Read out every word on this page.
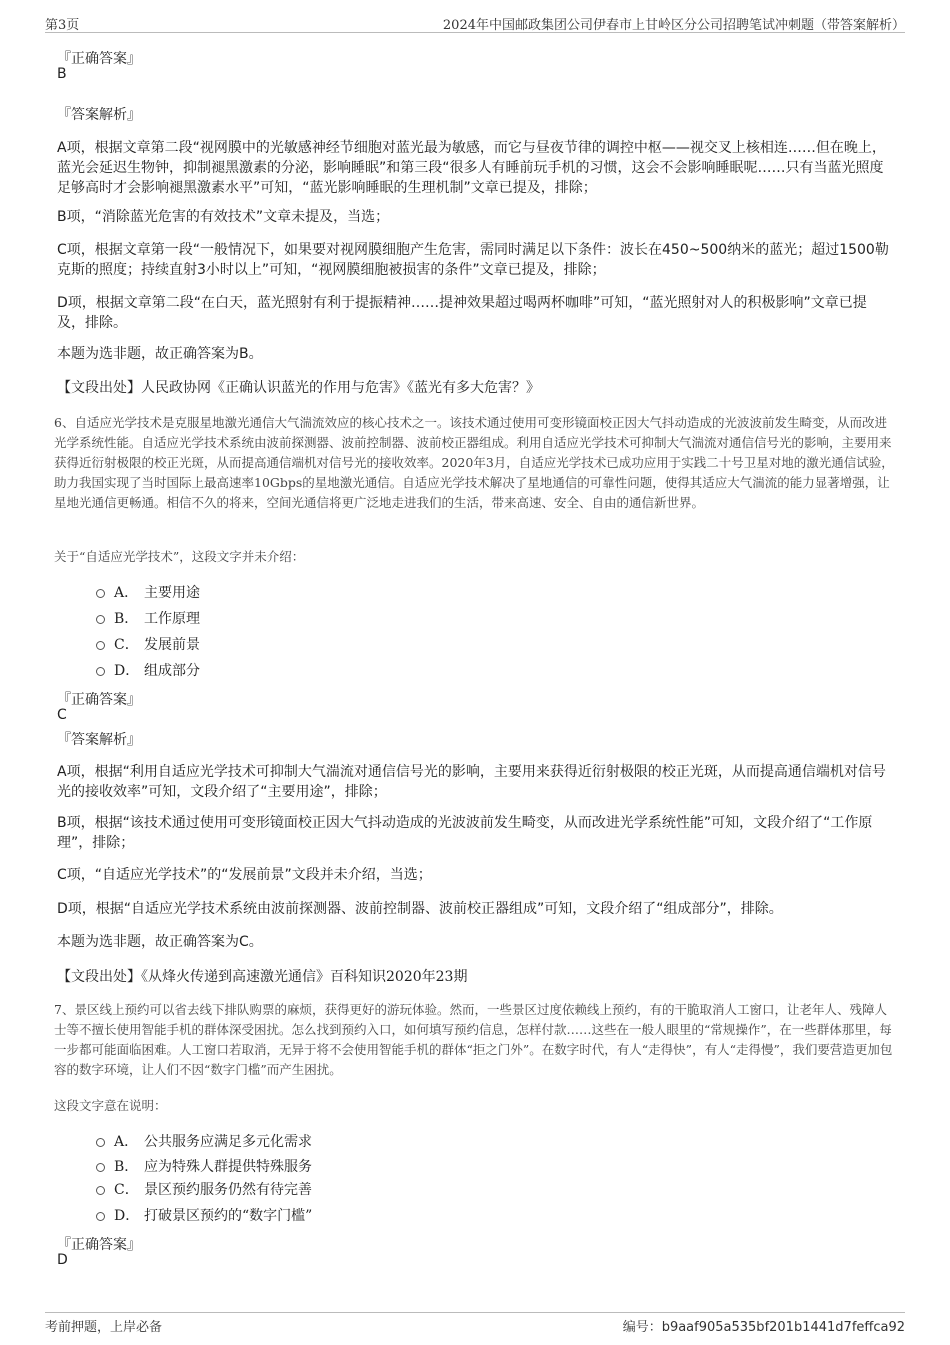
第3页	2024年中国邮政集团公司伊春市上甘岭区分公司招聘笔试冲刺题（带答案解析）
『正确答案』
B
『答案解析』
A项，根据文章第二段“视网膜中的光敏感神经节细胞对蓝光最为敏感，而它与昼夜节律的调控中枢——视交叉上核相连……但在晚上，蓝光会延迟生物钟，抑制褪黑激素的分泌，影响睡眠”和第三段“很多人有睡前玩手机的习惯，这会不会影响睡眠呢……只有当蓝光照度足够高时才会影响褪黑激素水平”可知，“蓝光影响睡眠的生理机制”文章已提及，排除；
B项，“消除蓝光危害的有效技术”文章未提及，当选；
C项，根据文章第一段“一般情况下，如果要对视网膜细胞产生危害，需同时满足以下条件：波长在450~500纳米的蓝光；超过1500勒克斯的照度；持续直射3小时以上”可知，“视网膜细胞被损害的条件”文章已提及，排除；
D项，根据文章第二段“在白天，蓝光照射有利于提振精神……提神效果超过喝两杯咖啡”可知，“蓝光照射对人的积极影响”文章已提及，排除。
本题为选非题，故正确答案为B。
【文段出处】人民政协网《正确认识蓝光的作用与危害》《蓝光有多大危害？》
6、自适应光学技术是克服星地激光通信大气湍流效应的核心技术之一。该技术通过使用可变形镜面校正因大气抖动造成的光波波前发生畸变，从而改进光学系统性能。自适应光学技术系统由波前探测器、波前控制器、波前校正器组成。利用自适应光学技术可抑制大气湍流对通信信号光的影响，主要用来获得近衍射极限的校正光斑，从而提高通信端机对信号光的接收效率。2020年3月，自适应光学技术已成功应用于实践二十号卫星对地的激光通信试验，助力我国实现了当时国际上最高速率10Gbps的星地激光通信。自适应光学技术解决了星地通信的可靠性问题，使得其适应大气湍流的能力显著增强，让星地光通信更畅通。相信不久的将来，空间光通信将更广泛地走进我们的生活，带来高速、安全、自由的通信新世界。
关于“自适应光学技术”，这段文字并未介绍：
A． 主要用途
B． 工作原理
C． 发展前景
D． 组成部分
『正确答案』
C
『答案解析』
A项，根据“利用自适应光学技术可抑制大气湍流对通信信号光的影响，主要用来获得近衍射极限的校正光斑，从而提高通信端机对信号光的接收效率”可知，文段介绍了“主要用途”，排除；
B项，根据“该技术通过使用可变形镜面校正因大气抖动造成的光波波前发生畸变，从而改进光学系统性能”可知，文段介绍了“工作原理”，排除；
C项，“自适应光学技术”的“发展前景”文段并未介绍，当选；
D项，根据“自适应光学技术系统由波前探测器、波前控制器、波前校正器组成”可知，文段介绍了“组成部分”，排除。
本题为选非题，故正确答案为C。
【文段出处】《从烽火传递到高速激光通信》百科知识2020年23期
7、景区线上预约可以省去线下排队购票的麻烦，获得更好的游玩体验。然而，一些景区过度依赖线上预约，有的干脆取消人工窗口，让老年人、残障人士等不擅长使用智能手机的群体深受困扰。怎么找到预约入口，如何填写预约信息，怎样付款……这些在一般人眼里的“常规操作”，在一些群体那里，每一步都可能面临困难。人工窗口若取消，无异于将不会使用智能手机的群体“拒之门外”。在数字时代，有人“走得快”，有人“走得慢”，我们要营造更加包容的数字环境，让人们不因“数字门槛”而产生困扰。
这段文字意在说明：
A． 公共服务应满足多元化需求
B． 应为特殊人群提供特殊服务
C． 景区预约服务仍然有待完善
D． 打破景区预约的“数字门槛”
『正确答案』
D
考前押题，上岸必备	编号：b9aaf905a535bf201b1441d7feffca92
